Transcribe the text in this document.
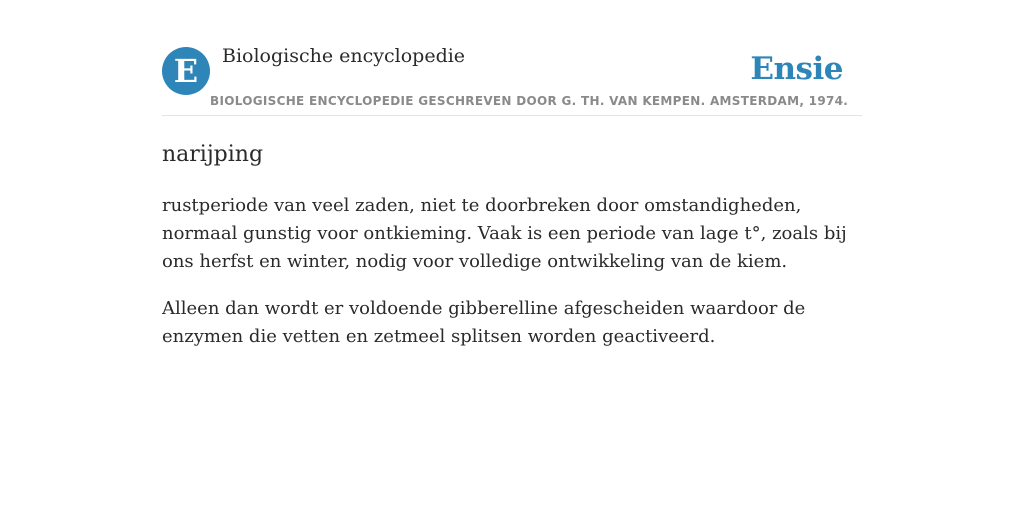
E	Biologische encyclopedie	Ensie
BIOLOGISCHE ENCYCLOPEDIE GESCHREVEN DOOR G. TH. VAN KEMPEN. AMSTERDAM, 1974.
narijping

rustperiode van veel zaden, niet te doorbreken door omstandigheden, normaal gunstig voor ontkieming. Vaak is een periode van lage t°, zoals bij ons herfst en winter, nodig voor volledige ontwikkeling van de kiem.

Alleen dan wordt er voldoende gibberelline afgescheiden waardoor de enzymen die vetten en zetmeel splitsen worden geactiveerd.
